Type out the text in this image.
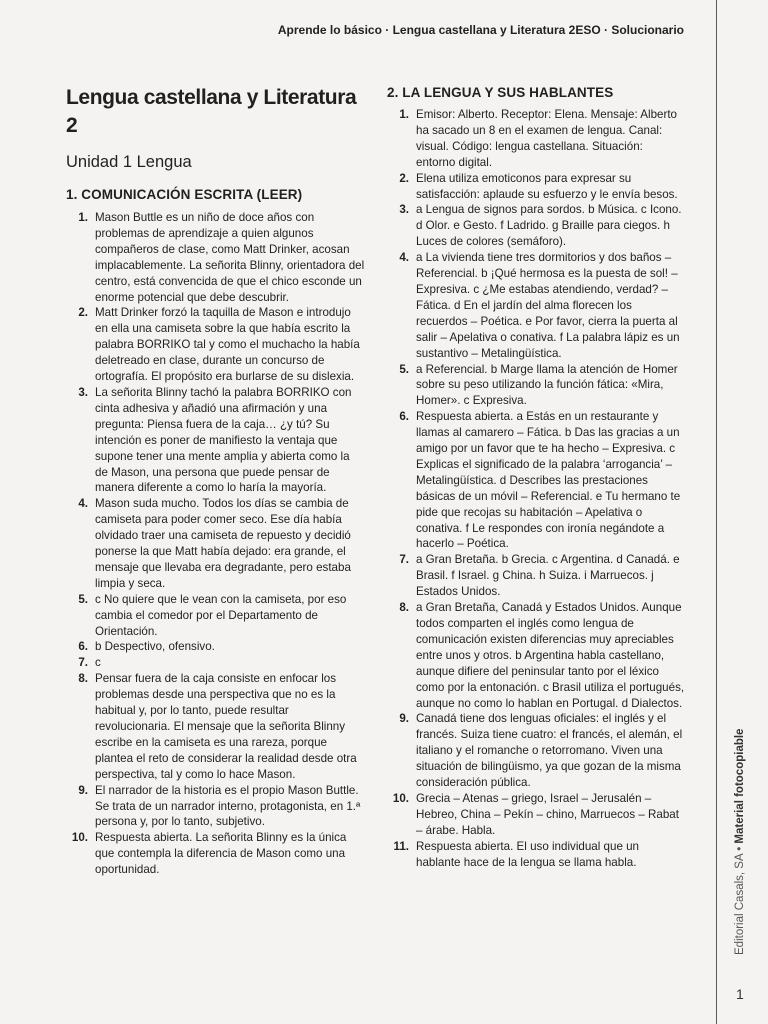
Aprende lo básico · Lengua castellana y Literatura 2ESO · Solucionario
Lengua castellana y Literatura 2
Unidad 1 Lengua
1. COMUNICACIÓN ESCRITA (LEER)
1. Mason Buttle es un niño de doce años con problemas de aprendizaje a quien algunos compañeros de clase, como Matt Drinker, acosan implacablemente. La señorita Blinny, orientadora del centro, está convencida de que el chico esconde un enorme potencial que debe descubrir.
2. Matt Drinker forzó la taquilla de Mason e introdujo en ella una camiseta sobre la que había escrito la palabra BORRIKO tal y como el muchacho la había deletreado en clase, durante un concurso de ortografía. El propósito era burlarse de su dislexia.
3. La señorita Blinny tachó la palabra BORRIKO con cinta adhesiva y añadió una afirmación y una pregunta: Piensa fuera de la caja… ¿y tú? Su intención es poner de manifiesto la ventaja que supone tener una mente amplia y abierta como la de Mason, una persona que puede pensar de manera diferente a como lo haría la mayoría.
4. Mason suda mucho. Todos los días se cambia de camiseta para poder comer seco. Ese día había olvidado traer una camiseta de repuesto y decidió ponerse la que Matt había dejado: era grande, el mensaje que llevaba era degradante, pero estaba limpia y seca.
5. c No quiere que le vean con la camiseta, por eso cambia el comedor por el Departamento de Orientación.
6. b Despectivo, ofensivo.
7. c
8. Pensar fuera de la caja consiste en enfocar los problemas desde una perspectiva que no es la habitual y, por lo tanto, puede resultar revolucionaria. El mensaje que la señorita Blinny escribe en la camiseta es una rareza, porque plantea el reto de considerar la realidad desde otra perspectiva, tal y como lo hace Mason.
9. El narrador de la historia es el propio Mason Buttle. Se trata de un narrador interno, protagonista, en 1.ª persona y, por lo tanto, subjetivo.
10. Respuesta abierta. La señorita Blinny es la única que contempla la diferencia de Mason como una oportunidad.
2. LA LENGUA Y SUS HABLANTES
1. Emisor: Alberto. Receptor: Elena. Mensaje: Alberto ha sacado un 8 en el examen de lengua. Canal: visual. Código: lengua castellana. Situación: entorno digital.
2. Elena utiliza emoticonos para expresar su satisfacción: aplaude su esfuerzo y le envía besos.
3. a Lengua de signos para sordos. b Música. c Icono. d Olor. e Gesto. f Ladrido. g Braille para ciegos. h Luces de colores (semáforo).
4. a La vivienda tiene tres dormitorios y dos baños – Referencial. b ¡Qué hermosa es la puesta de sol! – Expresiva. c ¿Me estabas atendiendo, verdad? – Fática. d En el jardín del alma florecen los recuerdos – Poética. e Por favor, cierra la puerta al salir – Apelativa o conativa. f La palabra lápiz es un sustantivo – Metalingüística.
5. a Referencial. b Marge llama la atención de Homer sobre su peso utilizando la función fática: «Mira, Homer». c Expresiva.
6. Respuesta abierta. a Estás en un restaurante y llamas al camarero – Fática. b Das las gracias a un amigo por un favor que te ha hecho – Expresiva. c Explicas el significado de la palabra ‘arrogancia’ – Metalingüística. d Describes las prestaciones básicas de un móvil – Referencial. e Tu hermano te pide que recojas su habitación – Apelativa o conativa. f Le respondes con ironía negándote a hacerlo – Poética.
7. a Gran Bretaña. b Grecia. c Argentina. d Canadá. e Brasil. f Israel. g China. h Suiza. i Marruecos. j Estados Unidos.
8. a Gran Bretaña, Canadá y Estados Unidos. Aunque todos comparten el inglés como lengua de comunicación existen diferencias muy apreciables entre unos y otros. b Argentina habla castellano, aunque difiere del peninsular tanto por el léxico como por la entonación. c Brasil utiliza el portugués, aunque no como lo hablan en Portugal. d Dialectos.
9. Canadá tiene dos lenguas oficiales: el inglés y el francés. Suiza tiene cuatro: el francés, el alemán, el italiano y el romanche o retorromano. Viven una situación de bilingüismo, ya que gozan de la misma consideración pública.
10. Grecia – Atenas – griego, Israel – Jerusalén – Hebreo, China – Pekín – chino, Marruecos – Rabat – árabe. Habla.
11. Respuesta abierta. El uso individual que un hablante hace de la lengua se llama habla.	Editorial Casals, SA • Material fotocopiable
1
